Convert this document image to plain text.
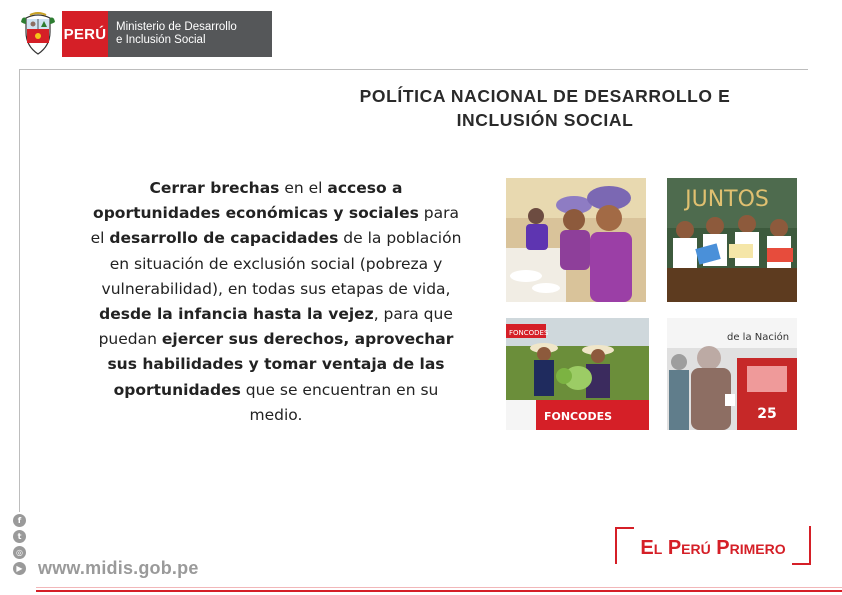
PERÚ Ministerio de Desarrollo
e Inclusión Social
POLÍTICA NACIONAL DE DESARROLLO E
INCLUSIÓN SOCIAL
Cerrar brechas en el acceso a oportunidades económicas y sociales para el desarrollo de capacidades de la población en situación de exclusión social (pobreza y vulnerabilidad), en todas sus etapas de vida, desde la infancia hasta la vejez, para que puedan ejercer sus derechos, aprovechar sus habilidades y tomar ventaja de las oportunidades que se encuentran en su medio.
JUNTOS
FONCODES
FONCODES
de la Nación
25
f
t
◎
▶ www.midis.gob.pe
El Perú Primero
